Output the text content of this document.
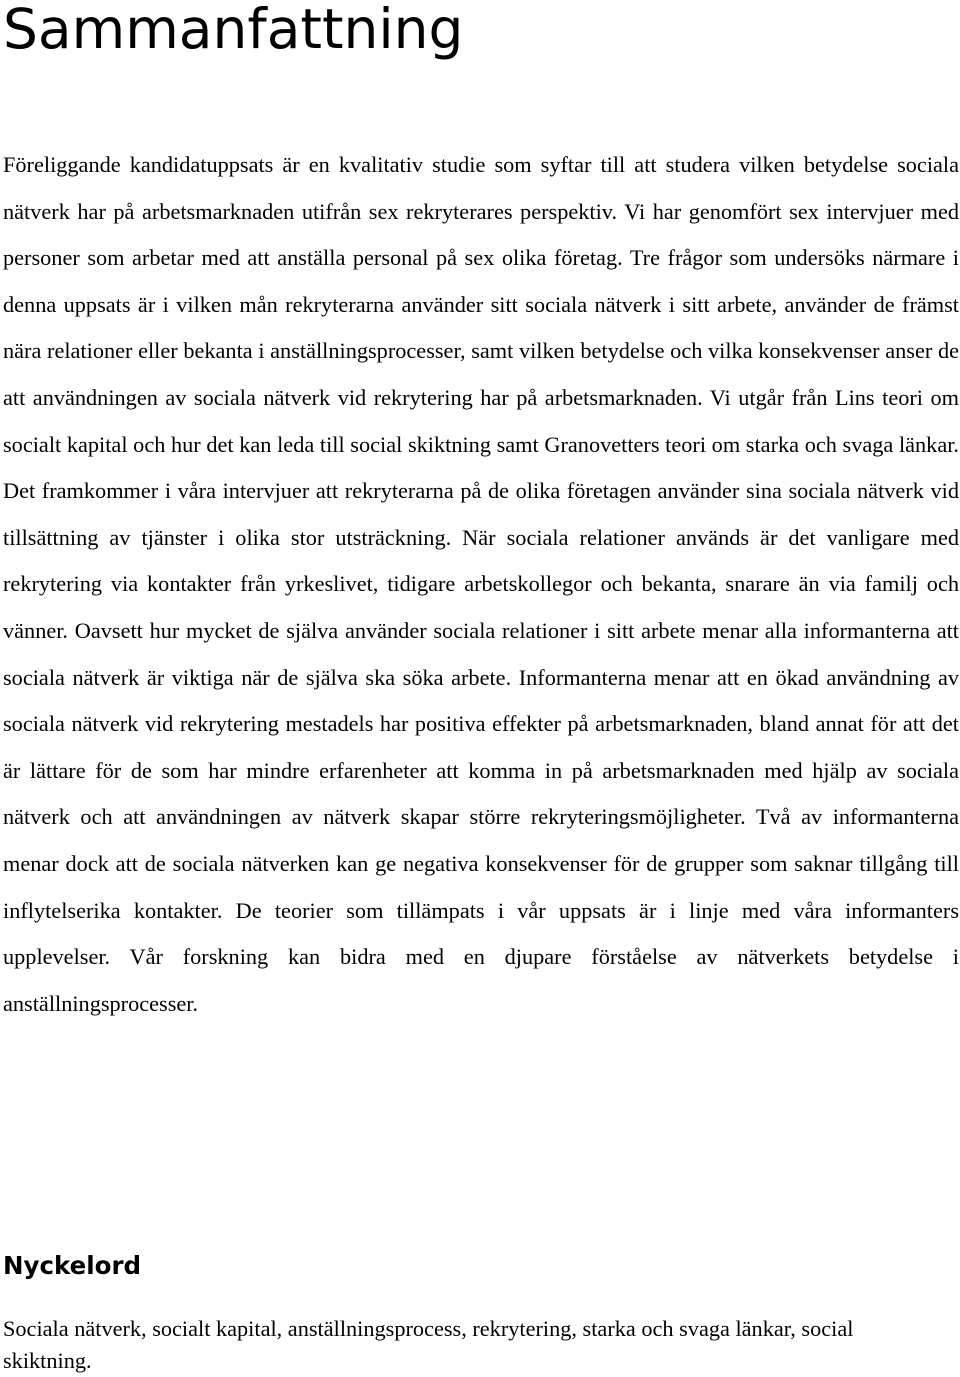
Sammanfattning

Föreliggande kandidatuppsats är en kvalitativ studie som syftar till att studera vilken betydelse sociala nätverk har på arbetsmarknaden utifrån sex rekryterares perspektiv. Vi har genomfört sex intervjuer med personer som arbetar med att anställa personal på sex olika företag. Tre frågor som undersöks närmare i denna uppsats är i vilken mån rekryterarna använder sitt sociala nätverk i sitt arbete, använder de främst nära relationer eller bekanta i anställningsprocesser, samt vilken betydelse och vilka konsekvenser anser de att användningen av sociala nätverk vid rekrytering har på arbetsmarknaden. Vi utgår från Lins teori om socialt kapital och hur det kan leda till social skiktning samt Granovetters teori om starka och svaga länkar. Det framkommer i våra intervjuer att rekryterarna på de olika företagen använder sina sociala nätverk vid tillsättning av tjänster i olika stor utsträckning. När sociala relationer används är det vanligare med rekrytering via kontakter från yrkeslivet, tidigare arbetskollegor och bekanta, snarare än via familj och vänner. Oavsett hur mycket de själva använder sociala relationer i sitt arbete menar alla informanterna att sociala nätverk är viktiga när de själva ska söka arbete. Informanterna menar att en ökad användning av sociala nätverk vid rekrytering mestadels har positiva effekter på arbetsmarknaden, bland annat för att det är lättare för de som har mindre erfarenheter att komma in på arbetsmarknaden med hjälp av sociala nätverk och att användningen av nätverk skapar större rekryteringsmöjligheter. Två av informanterna menar dock att de sociala nätverken kan ge negativa konsekvenser för de grupper som saknar tillgång till inflytelserika kontakter. De teorier som tillämpats i vår uppsats är i linje med våra informanters upplevelser. Vår forskning kan bidra med en djupare förståelse av nätverkets betydelse i anställningsprocesser.

Nyckelord

Sociala nätverk, socialt kapital, anställningsprocess, rekrytering, starka och svaga länkar, social skiktning.
